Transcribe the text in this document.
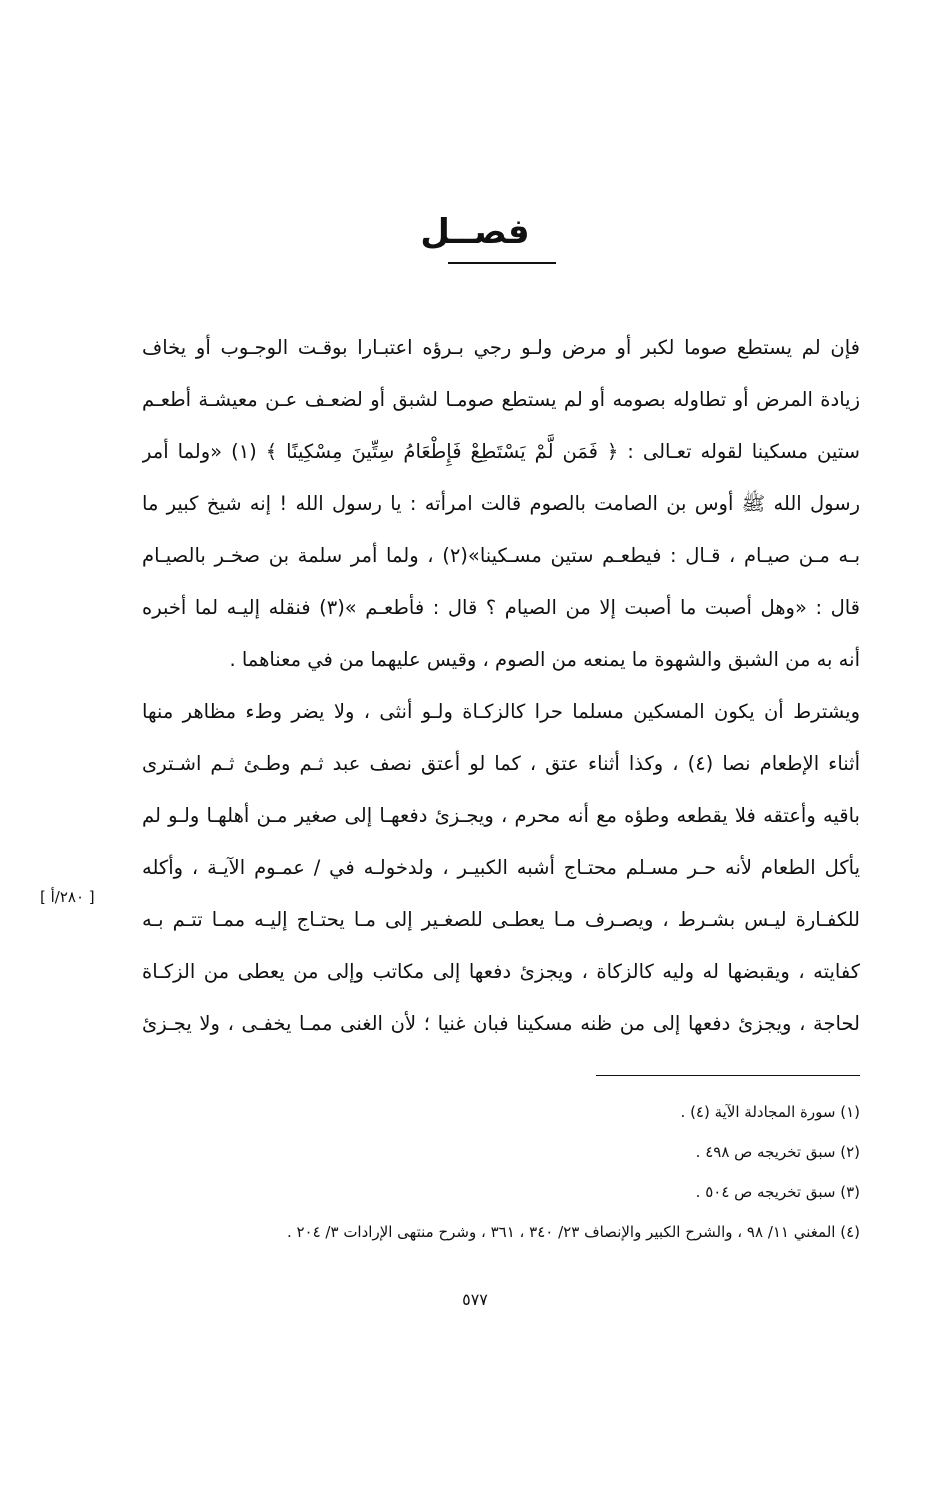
فصــل
فإن لم يستطع صوما لكبر أو مرض ولـو رجي بـرؤه اعتبـارا بوقـت الوجـوب أو يخاف
زيادة المرض أو تطاوله بصومه أو لم يستطع صومـا لشبق أو لضعـف عـن معيشـة أطعـم
ستين مسكينا لقوله تعـالى : ﴿ فَمَن لَّمْ يَسْتَطِعْ فَإِطْعَامُ سِتِّينَ مِسْكِينًا ﴾ (١) «ولما أمر
رسول الله ﷺ أوس بن الصامت بالصوم قالت امرأته : يا رسول الله ! إنه شيخ كبير ما
بـه مـن صيـام ، قـال : فيطعـم ستين مسـكينا»(٢) ، ولما أمر سلمة بن صخـر بالصيـام
قال : «وهل أصبت ما أصبت إلا من الصيام ؟ قال : فأطعـم »(٣) فنقله إليـه لما أخبره
أنه به من الشبق والشهوة ما يمنعه من الصوم ، وقيس عليهما من في معناهما .
ويشترط أن يكون المسكين مسلما حرا كالزكـاة ولـو أنثى ، ولا يضر وطء مظاهر منها
أثناء الإطعام نصا (٤) ، وكذا أثناء عتق ، كما لو أعتق نصف عبد ثـم وطـئ ثـم اشـترى
باقيه وأعتقه فلا يقطعه وطؤه مع أنه محرم ، ويجـزئ دفعهـا إلى صغير مـن أهلهـا ولـو لم
يأكل الطعام لأنه حـر مسـلم محتـاج أشبه الكبيـر ، ولدخولـه في / عمـوم الآيـة ، وأكله
للكفـارة ليـس بشـرط ، ويصـرف مـا يعطـى للصغـير إلى مـا يحتـاج إليـه ممـا تتـم بـه
كفايته ، ويقبضها له وليه كالزكاة ، ويجزئ دفعها إلى مكاتب وإلى من يعطى من الزكـاة
لحاجة ، ويجزئ دفعها إلى من ظنه مسكينا فبان غنيا ؛ لأن الغنى ممـا يخفـى ، ولا يجـزئ
[ ٢٨٠/أ ]
(١) سورة المجادلة الآية (٤) .
(٢) سبق تخريجه ص ٤٩٨ .
(٣) سبق تخريجه ص ٥٠٤ .
(٤) المغني ١١/ ٩٨ ، والشرح الكبير والإنصاف ٢٣/ ٣٤٠ ، ٣٦١ ، وشرح منتهى الإرادات ٣/ ٢٠٤ .
٥٧٧
